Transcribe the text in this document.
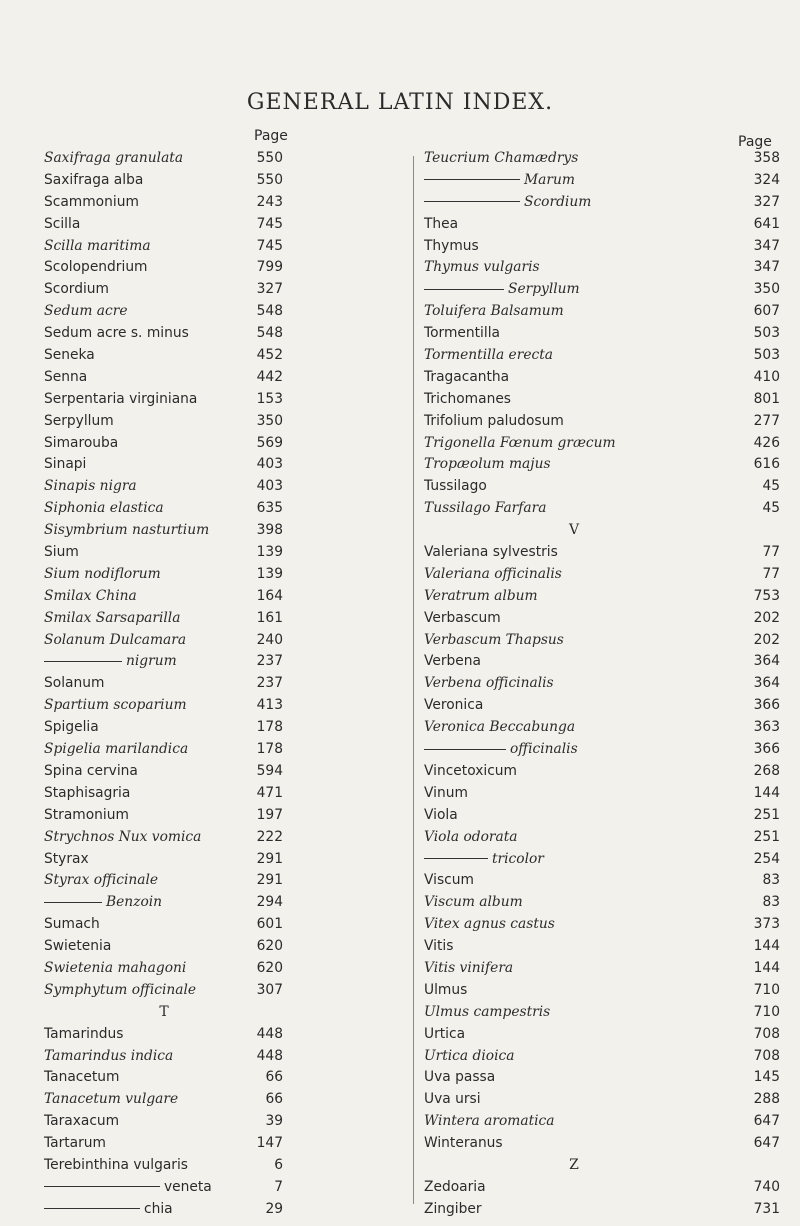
GENERAL LATIN INDEX.
Page
Saxifraga granulata	550
Saxifraga alba	550
Scammonium	243
Scilla	745
Scilla maritima	745
Scolopendrium	799
Scordium	327
Sedum acre	548
Sedum acre s. minus	548
Seneka	452
Senna	442
Serpentaria virginiana	153
Serpyllum	350
Simarouba	569
Sinapi	403
Sinapis nigra	403
Siphonia elastica	635
Sisymbrium nasturtium	398
Sium	139
Sium nodiflorum	139
Smilax China	164
Smilax Sarsaparilla	161
Solanum Dulcamara	240
nigrum	237
Solanum	237
Spartium scoparium	413
Spigelia	178
Spigelia marilandica	178
Spina cervina	594
Staphisagria	471
Stramonium	197
Strychnos Nux vomica	222
Styrax	291
Styrax officinale	291
Benzoin	294
Sumach	601
Swietenia	620
Swietenia mahagoni	620
Symphytum officinale	307
T
Tamarindus	448
Tamarindus indica	448
Tanacetum	66
Tanacetum vulgare	66
Taraxacum	39
Tartarum	147
Terebinthina vulgaris	6
veneta	7
chia	29
Page
Teucrium Chamædrys	358
Marum	324
Scordium	327
Thea	641
Thymus	347
Thymus vulgaris	347
Serpyllum	350
Toluifera Balsamum	607
Tormentilla	503
Tormentilla erecta	503
Tragacantha	410
Trichomanes	801
Trifolium paludosum	277
Trigonella Fœnum græcum	426
Tropæolum majus	616
Tussilago	45
Tussilago Farfara	45
V
Valeriana sylvestris	77
Valeriana officinalis	77
Veratrum album	753
Verbascum	202
Verbascum Thapsus	202
Verbena	364
Verbena officinalis	364
Veronica	366
Veronica Beccabunga	363
officinalis	366
Vincetoxicum	268
Vinum	144
Viola	251
Viola odorata	251
tricolor	254
Viscum	83
Viscum album	83
Vitex agnus castus	373
Vitis	144
Vitis vinifera	144
Ulmus	710
Ulmus campestris	710
Urtica	708
Urtica dioica	708
Uva passa	145
Uva ursi	288
Wintera aromatica	647
Winteranus	647
Z
Zedoaria	740
Zingiber	731
